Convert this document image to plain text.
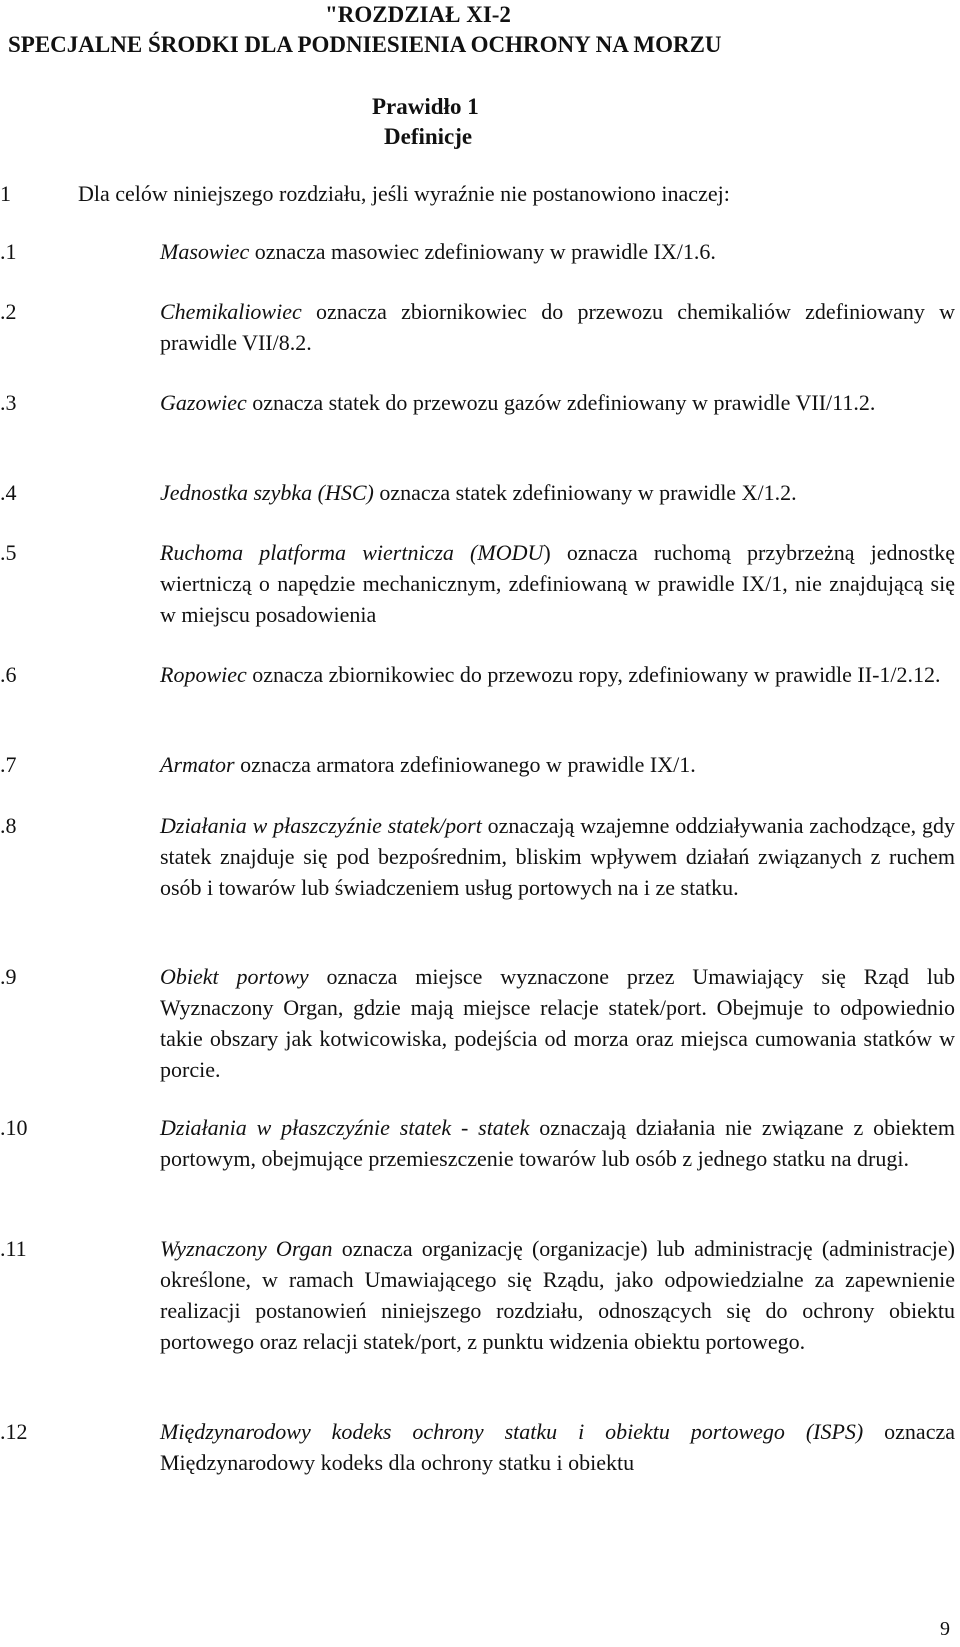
"ROZDZIAŁ XI-2
SPECJALNE ŚRODKI DLA PODNIESIENIA OCHRONY NA MORZU
Prawidło 1
Definicje
1	Dla celów niniejszego rozdziału, jeśli wyraźnie nie postanowiono inaczej:
.1	Masowiec oznacza masowiec zdefiniowany w prawidle IX/1.6.
.2	Chemikaliowiec oznacza zbiornikowiec do przewozu chemikaliów zdefiniowany w prawidle VII/8.2.
.3	Gazowiec oznacza statek do przewozu gazów zdefiniowany w prawidle VII/11.2.
.4	Jednostka szybka (HSC) oznacza statek zdefiniowany w prawidle X/1.2.
.5	Ruchoma platforma wiertnicza (MODU) oznacza ruchomą przybrzeżną jednostkę wiertniczą o napędzie mechanicznym, zdefiniowaną w prawidle IX/1, nie znajdującą się w miejscu posadowienia
.6	Ropowiec oznacza zbiornikowiec do przewozu ropy, zdefiniowany w prawidle II-1/2.12.
.7	Armator oznacza armatora zdefiniowanego w prawidle IX/1.
.8	Działania w płaszczyźnie statek/port oznaczają wzajemne oddziaływania zachodzące, gdy statek znajduje się pod bezpośrednim, bliskim wpływem działań związanych z ruchem osób i towarów lub świadczeniem usług portowych na i ze statku.
.9	Obiekt portowy oznacza miejsce wyznaczone przez Umawiający się Rząd lub Wyznaczony Organ, gdzie mają miejsce relacje statek/port. Obejmuje to odpowiednio takie obszary jak kotwicowiska, podejścia od morza oraz miejsca cumowania statków w porcie.
.10	Działania w płaszczyźnie statek - statek oznaczają działania nie związane z obiektem portowym, obejmujące przemieszczenie towarów lub osób z jednego statku na drugi.
.11	Wyznaczony Organ oznacza organizację (organizacje) lub administrację (administracje) określone, w ramach Umawiającego się Rządu, jako odpowiedzialne za zapewnienie realizacji postanowień niniejszego rozdziału, odnoszących się do ochrony obiektu portowego oraz relacji statek/port, z punktu widzenia obiektu portowego.
.12	Międzynarodowy kodeks ochrony statku i obiektu portowego (ISPS) oznacza Międzynarodowy kodeks dla ochrony statku i obiektu
9
